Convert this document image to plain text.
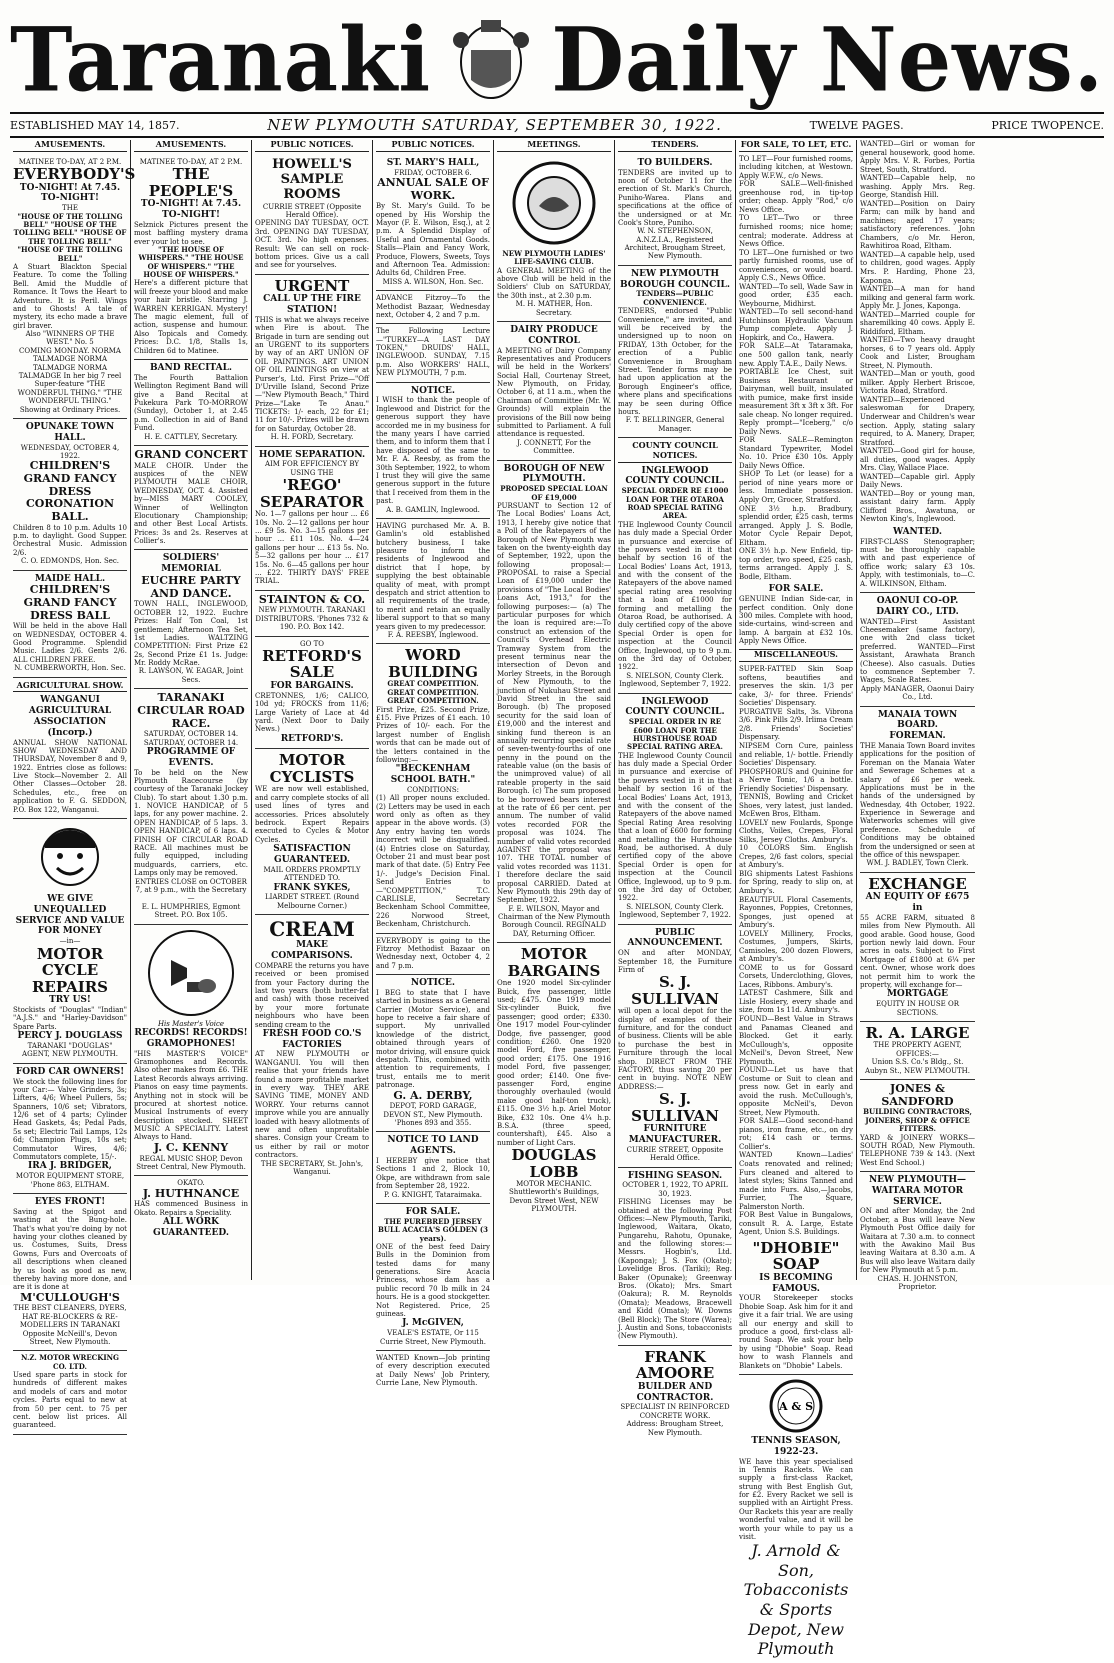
Taranaki Daily News.
ESTABLISHED MAY 14, 1857.	NEW PLYMOUTH SATURDAY, SEPTEMBER 30, 1922.	TWELVE PAGES.	PRICE TWOPENCE.
AMUSEMENTS.
MATINEE TO-DAY, AT 2 P.M.
EVERYBODY'S
TO-NIGHT! At 7.45. TO-NIGHT!
THE
"HOUSE OF THE TOLLING BELL" "HOUSE OF THE TOLLING BELL" "HOUSE OF THE TOLLING BELL" "HOUSE OF THE TOLLING BELL"
A Stuart Blackton Special Feature. To come the Tolling Bell. Amid the Muddle of Romance. It Tows the Heart to Adventure. It is Peril. Wings and to Ghosts! A tale of mystery, its echo made a brave girl braver.
Also "WINNERS OF THE WEST." No. 5
COMING MONDAY. NORMA TALMADGE NORMA TALMADGE NORMA TALMADGE In her big 7 reel Super-feature "THE WONDERFUL THING." "THE WONDERFUL THING." Showing at Ordinary Prices.
OPUNAKE TOWN HALL.
WEDNESDAY, OCTOBER 4, 1922.
CHILDREN'S GRAND FANCY DRESS CORONATION BALL.
Children 8 to 10 p.m. Adults 10 p.m. to daylight. Good Supper. Orchestral Music. Admission 2/6.
C. O. EDMONDS, Hon. Sec.
MAIDE HALL.
CHILDREN'S GRAND FANCY DRESS BALL
Will be held in the above Hall on WEDNESDAY, OCTOBER 4. Good Programme. Splendid Music. Ladies 2/6. Gents 2/6. ALL CHILDREN FREE.
N. CUMBERWORTH, Hon. Sec.
AGRICULTURAL SHOW.
WANGANUI AGRICULTURAL ASSOCIATION (Incorp.)
ANNUAL SHOW NATIONAL SHOW WEDNESDAY AND THURSDAY, November 8 and 9, 1922. Entries close as follows: Live Stock—November 2. All Other Classes—October 28. Schedules, etc., free on application to F. G. SEDDON, P.O. Box 122, Wanganui.
WE GIVE
UNEQUALLED SERVICE AND VALUE FOR MONEY
—in—
MOTOR CYCLE REPAIRS
TRY US!
Stockists of "Douglas" "Indian" "A.J.S." and "Harley-Davidson" Spare Parts.
PERCY J. DOUGLASS
TARANAKI "DOUGLAS" AGENT, NEW PLYMOUTH.
FORD CAR OWNERS!
We stock the following lines for your Car:— Valve Grinders, 3s; Lifters, 4/6; Wheel Pullers, 5s; Spanners, 10/6 set; Vibrators, 12/6 set of 4 parts; Cylinder Head Gaskets, 4s; Pedal Pads, 5s set; Electric Tail Lamps, 12s 6d; Champion Plugs, 10s set; Commutator Wires, 4/6; Commutators complete, 15/-.
IRA J. BRIDGER,
MOTOR EQUIPMENT STORE, 'Phone 863, ELTHAM.
EYES FRONT!
Saving at the Spigot and wasting at the Bung-hole. That's what you're doing by not having your clothes cleaned by us. Costumes, Suits, Dress Gowns, Furs and Overcoats of all descriptions when cleaned by us look as good as new, thereby having more done, and are it is done at
M'CULLOUGH'S
THE BEST CLEANERS, DYERS, HAT RE-BLOCKERS & RE-MODELLERS IN TARANAKI
Opposite McNeill's, Devon Street, New Plymouth.
N.Z. MOTOR WRECKING CO. LTD.
Used spare parts in stock for hundreds of different makes and models of cars and motor cycles. Parts equal to new at from 50 per cent. to 75 per cent. below list prices. All guaranteed.
AMUSEMENTS.
MATINEE TO-DAY, AT 2 P.M.
THE PEOPLE'S
TO-NIGHT! At 7.45. TO-NIGHT!
Selznick Pictures present the most baffling mystery drama ever your lot to see.
"THE HOUSE OF WHISPERS." "THE HOUSE OF WHISPERS." "THE HOUSE OF WHISPERS."
Here's a different picture that will freeze your blood and make your hair bristle. Starring J. WARREN KERRIGAN. Mystery! The magic element, full of action, suspense and humour. Also Topicals and Comedy. Prices: D.C. 1/8, Stalls 1s, Children 6d to Matinee.
BAND RECITAL.
The Fourth Battalion Wellington Regiment Band will give a Band Recital at Pukekura Park TO-MORROW (Sunday), October 1, at 2.45 p.m. Collection in aid of Band Fund.
H. E. CATTLEY, Secretary.
GRAND CONCERT
MALE CHOIR. Under the auspices of the NEW PLYMOUTH MALE CHOIR, WEDNESDAY, OCT. 4. Assisted by—MISS MARY COOLEY, Winner of Wellington Elocutionary Championship; and other Best Local Artists. Prices: 3s and 2s. Reserves at Collier's.
SOLDIERS' MEMORIAL
EUCHRE PARTY AND DANCE.
TOWN HALL, INGLEWOOD, OCTOBER 12, 1922. Euchre Prizes: Half Ton Coal, 1st gentlemen; Afternoon Tea Set, 1st Ladies. WALTZING COMPETITION: First Prize £2 2s, Second Prize £1 1s. Judge: Mr. Roddy McRae.
R. LAWSON, W. EAGAR, Joint Secs.
TARANAKI CIRCULAR ROAD RACE.
SATURDAY, OCTOBER 14. SATURDAY, OCTOBER 14.
PROGRAMME OF EVENTS.
To be held on the New Plymouth Racecourse (by courtesy of the Taranaki Jockey Club). To start about 1.30 p.m. 1. NOVICE HANDICAP, of 5 laps, for any power machine. 2. OPEN HANDICAP, of 5 laps. 3. OPEN HANDICAP, of 6 laps. 4. FINISH OF CIRCULAR ROAD RACE. All machines must be fully equipped, including mudguards, carriers, etc. Lamps only may be removed.
ENTRIES CLOSE on OCTOBER 7, at 9 p.m., with the Secretary—
E. L. HUMPHRIES, Egmont Street. P.O. Box 105.
His Master's Voice
RECORDS! RECORDS!
GRAMOPHONES!
"HIS MASTER'S VOICE" Gramophones and Records. Also other makes from £6. THE Latest Records always arriving. Pianos on easy time payments. Anything not in stock will be procured at shortest notice. Musical Instruments of every description stocked. SHEET MUSIC A SPECIALITY. Latest Always to Hand.
J. C. KENNY
REGAL MUSIC SHOP, Devon Street Central, New Plymouth.
OKATO.
J. HUTHNANCE
HAS commenced Business in Okato. Repairs a Speciality.
ALL WORK GUARANTEED.
PUBLIC NOTICES.
HOWELL'S SAMPLE ROOMS
CURRIE STREET (Opposite Herald Office).
OPENING DAY TUESDAY, OCT. 3rd. OPENING DAY TUESDAY, OCT. 3rd. No high expenses. Result: We can sell on rock-bottom prices. Give us a call and see for yourselves.
URGENT
CALL UP THE FIRE STATION!
THIS is what we always receive when Fire is about. The Brigade in turn are sending out an URGENT to its supporters by way of an ART UNION OF OIL PAINTINGS. ART UNION OF OIL PAINTINGS on view at Purser's, Ltd. First Prize—"Off D'Urville Island, Second Prize—"New Plymouth Beach," Third Prize—"Lake Te Anau." TICKETS: 1/- each, 22 for £1; 11 for 10/-. Prizes will be drawn for on Saturday, October 28.
H. H. FORD, Secretary.
HOME SEPARATION.
AIM FOR EFFICIENCY BY USING THE
'REGO' SEPARATOR
No. 1—7 gallons per hour ... £6 10s. No. 2—12 gallons per hour ... £9 5s. No. 3—15 gallons per hour ... £11 10s. No. 4—24 gallons per hour ... £13 5s. No. 5—32 gallons per hour ... £17 15s. No. 6—45 gallons per hour ... £22. THIRTY DAYS' FREE TRIAL.
STAINTON & CO.
NEW PLYMOUTH. TARANAKI DISTRIBUTORS. 'Phones 732 & 190. P.O. Box 142.
GO TO
RETFORD'S SALE
FOR BARGAINS.
CRETONNES, 1/6; CALICO, 10d yd; FROCKS from 11/6; Large Variety of Lace at 4d yard. (Next Door to Daily News.)
RETFORD'S.
MOTOR CYCLISTS
WE are now well established, and carry complete stocks of all used lines of tyres and accessories. Prices absolutely bedrock. Expert Repairs executed to Cycles & Motor Cycles.
SATISFACTION GUARANTEED.
MAIL ORDERS PROMPTLY ATTENDED TO.
FRANK SYKES,
LIARDET STREET. (Round Melbourne Corner.)
CREAM
MAKE COMPARISONS.
COMPARE the returns you have received or been promised from your Factory during the last two years (both butter-fat and cash) with those received by your more fortunate neighbours who have been sending cream to the
FRESH FOOD CO.'S FACTORIES
AT NEW PLYMOUTH or WANGANUI. You will then realise that your friends have found a more profitable market in every way. THEY ARE SAVING TIME, MONEY AND WORRY. Your returns cannot improve while you are annually loaded with heavy allotments of new and often unprofitable shares. Consign your Cream to us either by rail or motor contractors.
THE SECRETARY, St. John's, Wanganui.
PUBLIC NOTICES.
ST. MARY'S HALL,
FRIDAY, OCTOBER 6.
ANNUAL SALE OF WORK.
By St. Mary's Guild. To be opened by His Worship the Mayor (F. E. Wilson, Esq.), at 2 p.m. A Splendid Display of Useful and Ornamental Goods. Stalls—Plain and Fancy Work, Produce, Flowers, Sweets, Toys and Afternoon Tea. Admission: Adults 6d, Children Free.
MISS A. WILSON, Hon. Sec.
ADVANCE Fitzroy—To the Methodist Bazaar, Wednesday next, October 4, 2 and 7 p.m.
The Following Lecture—"TURKEY—A LAST DAY TOKEN," DRUIDS' HALL, INGLEWOOD. SUNDAY, 7.15 p.m. Also WORKERS' HALL, NEW PLYMOUTH, 7 p.m.
NOTICE.
I WISH to thank the people of Inglewood and District for the generous support they have accorded me in my business for the many years I have carried them, and to inform them that I have disposed of the same to Mr. F. A. Reesby, as from the 30th September, 1922, to whom I trust they will give the same generous support in the future that I received from them in the past.
A. B. GAMLIN, Inglewood.
HAVING purchased Mr. A. B. Gamlin's old established butchery business, I take pleasure to inform the residents of Inglewood and district that I hope, by supplying the best obtainable quality of meat, with prompt despatch and strict attention to all requirements of the trade, to merit and retain an equally liberal support to that so many years given to my predecessor.
F. A. REESBY, Inglewood.
WORD BUILDING
GREAT COMPETITION. GREAT COMPETITION. GREAT COMPETITION.
First Prize, £25. Second Prize, £15. Five Prizes of £1 each. 10 Prizes of 10/- each. For the largest number of English words that can be made out of the letters contained in the following:—
"BECKENHAM SCHOOL BATH."
CONDITIONS:
(1) All proper nouns excluded. (2) Letters may be used in each word only as often as they appear in the above words. (3) Any entry having ten words incorrect will be disqualified. (4) Entries close on Saturday, October 21 and must bear post mark of that date. (5) Entry Fee 1/-. Judge's Decision Final. Send Entries to—"COMPETITION," T.C. CARLISLE, Secretary Beckenham School Committee, 226 Norwood Street, Beckenham, Christchurch.
EVERYBODY is going to the Fitzroy Methodist Bazaar on Wednesday next, October 4, 2 and 7 p.m.
NOTICE.
I BEG to state that I have started in business as a General Carrier (Motor Service), and hope to receive a fair share of support. My unrivalled knowledge of the district, obtained through years of motor driving, will ensure quick despatch. This, combined with attention to requirements, I trust, entails me to merit patronage.
G. A. DERBY,
DEPOT, FORD GARAGE, DEVON ST., New Plymouth. 'Phones 893 and 355.
NOTICE TO LAND AGENTS.
I HEREBY give notice that Sections 1 and 2, Block 10, Okpe, are withdrawn from sale from September 28, 1922.
P. G. KNIGHT, Tataraimaka.
FOR SALE.
THE PUREBRED JERSEY BULL ACACIA'S GOLDEN (3 years).
ONE of the best feed Dairy Bulls in the Dominion from tested dams for many generations. Sire Acacia Princess, whose dam has a public record 70 lb milk in 24 hours. He is a good stockgetter. Not Registered. Price, 25 guineas.
J. McGIVEN,
VEALE'S ESTATE, Or 115 Currie Street, New Plymouth.
WANTED Known—Job printing of every description executed at Daily News' Job Printery, Currie Lane, New Plymouth.
MEETINGS.
NEW PLYMOUTH LADIES' LIFE-SAVING CLUB.
A GENERAL MEETING of the above Club will be held in the Soldiers' Club on SATURDAY, the 30th inst., at 2.30 p.m.
M. H. MATHER, Hon. Secretary.
DAIRY PRODUCE CONTROL
A MEETING of Dairy Company Representatives and Producers will be held in the Workers' Social Hall, Courtenay Street, New Plymouth, on Friday, October 6, at 11 a.m., when the Chairman of Committee (Mr. W. Grounds) will explain the provisions of the Bill now being submitted to Parliament. A full attendance is requested.
J. CONNETT, For the Committee.
BOROUGH OF NEW PLYMOUTH.
PROPOSED SPECIAL LOAN OF £19,000
PURSUANT to Section 12 of The Local Bodies' Loans Act, 1913, I hereby give notice that a Poll of the Ratepayers of the Borough of New Plymouth was taken on the twenty-eighth day of September, 1922, upon the following proposal:— PROPOSAL to raise a Special Loan of £19,000 under the provisions of "The Local Bodies' Loans Act, 1913," for the following purposes:— (a) The particular purposes for which the loan is required are:—To construct an extension of the Council's Overhead Electric Tramway System from the present terminus near the intersection of Devon and Morley Streets, in the Borough of New Plymouth, to the junction of Nukuhau Street and David Street in the said Borough. (b) The proposed security for the said loan of £19,000 and the interest and sinking fund thereon is an annually recurring special rate of seven-twenty-fourths of one penny in the pound on the rateable value (on the basis of the unimproved value) of all rateable property in the said Borough. (c) The sum proposed to be borrowed bears interest at the rate of £6 per cent. per annum. The number of valid votes recorded FOR the proposal was 1024. The number of valid votes recorded AGAINST the proposal was 107. THE TOTAL number of valid votes recorded was 1131. I therefore declare the said proposal CARRIED. Dated at New Plymouth this 29th day of September, 1922.
F. E. WILSON, Mayor and Chairman of the New Plymouth Borough Council. REGINALD DAY, Returning Officer.
MOTOR BARGAINS
One 1920 model Six-cylinder Buick, five passenger, little used; £475. One 1919 model Six-cylinder Buick, five passenger; good order; £330. One 1917 model Four-cylinder Dodge, five passenger, good condition; £260. One 1920 model Ford, five passenger, good order; £175. One 1916 model Ford, five passenger, good order; £140. One five-passenger Ford, engine thoroughly overhauled (would make good half-ton truck), £115. One 3½ h.p. Ariel Motor Bike, £32 10s. One 4¼ h.p. B.S.A. (three speed, countershaft), £45. Also a number of Light Cars.
DOUGLAS LOBB
MOTOR MECHANIC. Shuttleworth's Buildings, Devon Street West, NEW PLYMOUTH.
TENDERS.
TO BUILDERS.
TENDERS are invited up to noon of October 11 for the erection of St. Mark's Church, Puniho-Warea. Plans and specifications at the office of the undersigned or at Mr. Cook's Store, Puniho.
W. N. STEPHENSON, A.N.Z.I.A., Registered Architect, Brougham Street, New Plymouth.
NEW PLYMOUTH BOROUGH COUNCIL.
TENDERS—PUBLIC CONVENIENCE.
TENDERS, endorsed "Public Convenience," are invited, and will be received by the undersigned up to noon on FRIDAY, 13th October, for the erection of a Public Convenience in Brougham Street. Tender forms may be had upon application at the Borough Engineer's office, where plans and specifications may be seen during Office hours.
F. T. BELLRINGER, General Manager.
COUNTY COUNCIL NOTICES.
INGLEWOOD COUNTY COUNCIL.
SPECIAL ORDER RE £1000 LOAN FOR THE OTAROA ROAD SPECIAL RATING AREA.
THE Inglewood County Council has duly made a Special Order in pursuance and exercise of the powers vested in it that behalf by section 16 of the Local Bodies' Loans Act, 1913, and with the consent of the Ratepayers of the above named special rating area resolving that a loan of £1000 for forming and metalling the Otaroa Road, be authorised. A duly certified copy of the above Special Order is open for inspection at the Council Office, Inglewood, up to 9 p.m. on the 3rd day of October, 1922.
S. NIELSON, County Clerk. Inglewood, September 7, 1922.
INGLEWOOD COUNTY COUNCIL.
SPECIAL ORDER IN RE £600 LOAN FOR THE HURSTHOUSE ROAD SPECIAL RATING AREA.
THE Inglewood County Council has duly made a Special Order in pursuance and exercise of the powers vested in it in that behalf by section 16 of the Local Bodies' Loans Act, 1913, and with the consent of the Ratepayers of the above named Special Rating Area resolving that a loan of £600 for forming and metalling the Hursthouse Road, be authorised. A duly certified copy of the above Special Order is open for inspection at the Council Office, Inglewood, up to 9 p.m. on the 3rd day of October, 1922.
S. NIELSON, County Clerk. Inglewood, September 7, 1922.
PUBLIC ANNOUNCEMENT.
ON and after MONDAY, September 18, the Furniture Firm of
S. J. SULLIVAN
will open a local depot for the display of examples of their furniture, and for the conduct of business. Clients will be able to purchase the best in Furniture through the local shop. DIRECT FROM THE FACTORY, thus saving 20 per cent in buying. NOTE NEW ADDRESS:—
S. J. SULLIVAN
FURNITURE MANUFACTURER.
CURRIE STREET, Opposite Herald Office.
FISHING SEASON.
OCTOBER 1, 1922, TO APRIL 30, 1923.
FISHING Licenses may be obtained at the following Post Offices:—New Plymouth, Tariki, Inglewood, Waitara, Okato, Pungarehu, Rahotu, Opunake, and the following stores:—Messrs. Hogbin's, Ltd. (Kaponga); J. S. Fox (Okato); Lovelidge Bros. (Tariki); Reg. Baker (Opunake); Greenway Bros. (Okato); Mrs. Smart (Oakura); R. M. Reynolds (Omata); Meadows, Bracewell and Kidd (Omata); W. Downs (Bell Block); The Store (Warea); J. Austin and Sons, tobacconists (New Plymouth).
FRANK AMOORE
BUILDER AND CONTRACTOR.
SPECIALIST IN REINFORCED CONCRETE WORK.
Address: Brougham Street, New Plymouth.
FOR SALE, TO LET, ETC.
TO LET—Four furnished rooms, including kitchen, at Westown. Apply W.F.W., c/o News.
FOR SALE—Well-finished greenhouse rod, in tip-top order; cheap. Apply "Rod," c/o News Office.
TO LET—Two or three furnished rooms; nice home; central; moderate. Address at News Office.
TO LET—One furnished or two partly furnished rooms, use of conveniences, or would board. Apply C.S., News Office.
WANTED—To sell, Wade Saw in good order, £35 each. Weybourne, Midhirst.
WANTED—To sell second-hand Hutchinson Hydraulic Vacuum Pump complete. Apply J. Hopkirk, and Co., Hawera.
FOR SALE—At Tataramaka, one 500 gallon tank, nearly new. Apply T.A.E., Daily News.
PORTABLE Ice Chest, suit Business Restaurant or Dairyman, well built, insulated with pumice, make first inside measurement 3ft x 3ft x 3ft. For sale cheap. No longer required. Reply prompt—"Iceberg," c/o Daily News.
FOR SALE—Remington Standard Typewriter, Model No. 10. Price £30 10s. Apply Daily News Office.
SHOP To Let (or lease) for a period of nine years more or less. Immediate possession. Apply Orr, Grocer, Stratford.
ONE 3½ h.p. Bradbury, splendid order, £25 cash, terms arranged. Apply J. S. Bodle, Motor Cycle Repair Depot, Eltham.
ONE 3½ h.p. New Enfield, tip-top order, two speed, £25 cash, terms arranged. Apply J. S. Bodle, Eltham.
FOR SALE.
GENUINE Indian Side-car, in perfect condition. Only done 300 miles. Complete with hood, side-curtains, wind-screen and lamp. A bargain at £32 10s. Apply News Office.
MISCELLANEOUS.
SUPER-FATTED Skin Soap softens, beautifies and preserves the skin. 1/3 per cake, 3/- for three. Friends' Societies' Dispensary.
PURGATIVE Salts, 3s. Vibrona 3/6. Pink Pills 2/9. Irlima Cream 2/8. Friends' Societies' Dispensary.
NIPSEM Corn Cure, painless and reliable, 1/- bottle. Friendly Societies' Dispensary.
PHOSPHORUS and Quinine for a Nerve Tonic, 1/6 a bottle. Friendly Societies' Dispensary.
TENNIS, Bowling and Cricket Shoes, very latest, just landed. McEwen Bros, Eltham.
LOVELY new Foulards, Sponge Cloths, Voiles, Crepes, Floral Silks, Jersey Cloths. Ambury's.
10 COLORS Sim. English Crepes, 2/6 fast colors, special at Ambury's.
BIG shipments Latest Fashions for Spring, ready to slip on, at Ambury's.
BEAUTIFUL Floral Casements, Rayonnes, Poppies, Cretonnes, Sponges, just opened at Ambury's.
LOVELY Millinery, Frocks, Costumes, Jumpers, Skirts, Camisoles, 200 dozen Flowers, at Ambury's.
COME to us for Gossard Corsets, Underclothing, Gloves, Laces, Ribbons. Ambury's.
LATEST Cashmere, Silk and Lisle Hosiery, every shade and size, from 1s 11d. Ambury's.
FOUND—Best Value in Straws and Panamas Cleaned and Blocked. Get it early. McCullough's, opposite McNeil's, Devon Street, New Plymouth.
FOUND—Let us have that Costume or Suit to clean and press now. Get in early and avoid the rush. McCullough's, opposite McNeil's, Devon Street, New Plymouth.
FOR SALE—Good second-hand pianos, iron frame, etc., on dry rot; £14 cash or terms. Collier's.
WANTED Known—Ladies' Coats renovated and relined; Furs cleaned and altered to latest styles; Skins Tanned and made into Furs. Also,—Jacobs, Furrier, The Square, Palmerston North.
FOR Best Value in Bungalows, consult R. A. Large, Estate Agent, Union S.S. Buildings.
"DHOBIE" SOAP
IS BECOMING FAMOUS.
YOUR Storekeeper stocks Dhobie Soap. Ask him for it and give it a fair trial. We are using all our energy and skill to produce a good, first-class all-round Soap. We ask your help by using "Dhobie" Soap. Read how to wash Flannels and Blankets on "Dhobie" Labels.
A & S
TENNIS SEASON, 1922-23.
WE have this year specialised in Tennis Rackets. We can supply a first-class Racket, strung with Best English Gut, for £2. Every Racket we sell is supplied with an Airtight Press. Our Rackets this year are really wonderful value, and it will be worth your while to pay us a visit.
J. Arnold & Son, Tobacconists & Sports Depot, New Plymouth
WANTED—Girl or woman for general housework, good home. Apply Mrs. V. R. Forbes, Portia Street, South, Stratford.
WANTED—Capable help, no washing. Apply Mrs. Reg. George, Standish Hill.
WANTED—Position on Dairy Farm; can milk by hand and machines; aged 17 years; satisfactory references. John Chambers, c/o Mr. Heron, Rawhitiroa Road, Eltham.
WANTED—A capable help, used to children, good wages. Apply Mrs. P. Harding, Phone 23, Kaponga.
WANTED—A man for hand milking and general farm work. Apply Mr. J. Jones, Kaponga.
WANTED—Married couple for sharemilking 40 cows. Apply E. Riddiford, Eltham.
WANTED—Two heavy draught horses, 6 to 7 years old. Apply Cook and Lister, Brougham Street, N. Plymouth.
WANTED—Man or youth, good milker. Apply Herbert Briscoe, Victoria Road, Stratford.
WANTED—Experienced saleswoman for Drapery, Underwear and Children's wear section. Apply, stating salary required, to A. Manery, Draper, Stratford.
WANTED—Good girl for house, all duties, good wages. Apply Mrs. Clay, Wallace Place.
WANTED—Capable girl. Apply Daily News.
WANTED—Boy or young man, assistant dairy farm. Apply Clifford Bros., Awatuna, or Newton King's, Inglewood.
WANTED.
FIRST-CLASS Stenographer; must be thoroughly capable with and past experience of office work; salary £3 10s. Apply, with testimonials, to—C. A. WILKINSON, Eltham.
OAONUI CO-OP. DAIRY CO., LTD.
WANTED—First Assistant Cheesemaker (same factory), one with 2nd class ticket preferred. WANTED—First Assistant, Arawhata Branch (Cheese). Also casuals. Duties to commence September 7. Wages, Scale Rates.
Apply MANAGER, Oaonui Dairy Co., Ltd.
MANAIA TOWN BOARD.
FOREMAN.
THE Manaia Town Board invites applications for the position of Foreman on the Manaia Water and Sewerage Schemes at a salary of £6 per week. Applications must be in the hands of the undersigned by Wednesday, 4th October, 1922. Experience in Sewerage and Waterworks schemes will give preference. Schedule of Conditions may be obtained from the undersigned or seen at the office of this newspaper.
WM. J. BADLEY, Town Clerk.
EXCHANGE
AN EQUITY OF £675 in
55 ACRE FARM, situated 8 miles from New Plymouth. All good arable. Good house, Good portion newly laid down. Four acres in oats. Subject to First Mortgage of £1800 at 6¼ per cent. Owner, whose work does not permit him to work the property, will exchange for—
MORTGAGE
EQUITY IN HOUSE OR SECTIONS.
R. A. LARGE
THE PROPERTY AGENT,
OFFICES:—
Union S.S. Co.'s Bldg., St. Aubyn St., NEW PLYMOUTH.
JONES & SANDFORD
BUILDING CONTRACTORS, JOINERS, SHOP & OFFICE FITTERS.
YARD & JOINERY WORKS— SOUTH ROAD, New Plymouth. TELEPHONE 739 & 143. (Next West End School.)
NEW PLYMOUTH—WAITARA MOTOR SERVICE.
ON and after Monday, the 2nd October, a Bus will leave New Plymouth Post Office daily for Waitara at 7.30 a.m. to connect with the Awakino Mail Bus leaving Waitara at 8.30 a.m. A Bus will also leave Waitara daily for New Plymouth at 5 p.m.
CHAS. H. JOHNSTON, Proprietor.
